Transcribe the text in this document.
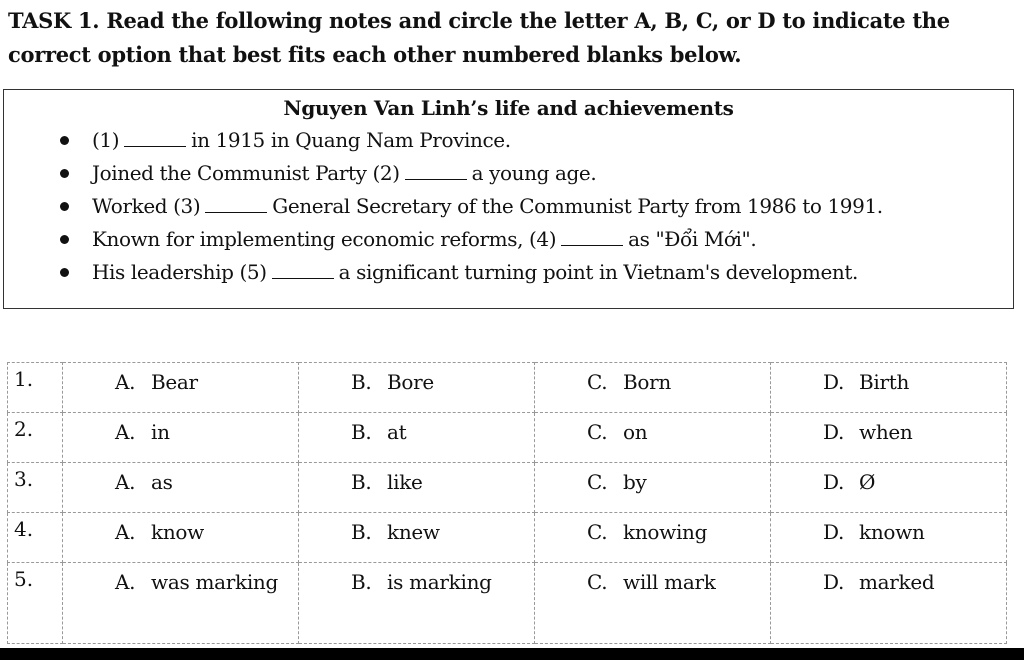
TASK 1. Read the following notes and circle the letter A, B, C, or D to indicate the correct option that best fits each other numbered blanks below.
Nguyen Van Linh’s life and achievements
(1)	in 1915 in Quang Nam Province.
Joined the Communist Party (2)	a young age.
Worked (3)	General Secretary of the Communist Party from 1986 to 1991.
Known for implementing economic reforms, (4)	as "Đổi Mới".
His leadership (5)	a significant turning point in Vietnam's development.
1.	A. Bear	B. Bore	C. Born	D. Birth

2.	A. in	B. at	C. on	D. when

3.	A. as	B. like	C. by	D. Ø

4.	A. know	B. knew	C. knowing	D. known

5.	A. was marking	B. is marking	C. will mark	D. marked
